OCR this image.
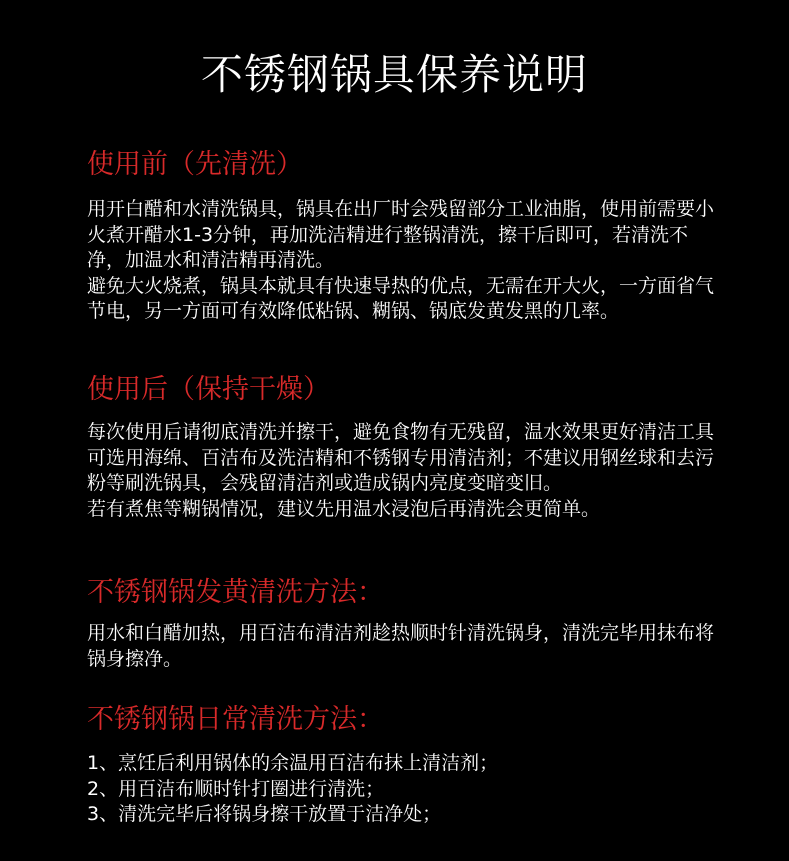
不锈钢锅具保养说明
使用前（先清洗）

用开白醋和水清洗锅具，锅具在出厂时会残留部分工业油脂，使用前需要小火煮开醋水1-3分钟，再加洗洁精进行整锅清洗，擦干后即可，若清洗不净，加温水和清洁精再清洗。

避免大火烧煮，锅具本就具有快速导热的优点，无需在开大火，一方面省气节电，另一方面可有效降低粘锅、糊锅、锅底发黄发黑的几率。

使用后（保持干燥）

每次使用后请彻底清洗并擦干，避免食物有无残留，温水效果更好清洁工具可选用海绵、百洁布及洗洁精和不锈钢专用清洁剂；不建议用钢丝球和去污粉等刷洗锅具，会残留清洁剂或造成锅内亮度变暗变旧。

若有煮焦等糊锅情况，建议先用温水浸泡后再清洗会更简单。

不锈钢锅发黄清洗方法：

用水和白醋加热，用百洁布清洁剂趁热顺时针清洗锅身，清洗完毕用抹布将锅身擦净。

不锈钢锅日常清洗方法：
1、烹饪后利用锅体的余温用百洁布抹上清洁剂；
2、用百洁布顺时针打圈进行清洗；
3、清洗完毕后将锅身擦干放置于洁净处；
